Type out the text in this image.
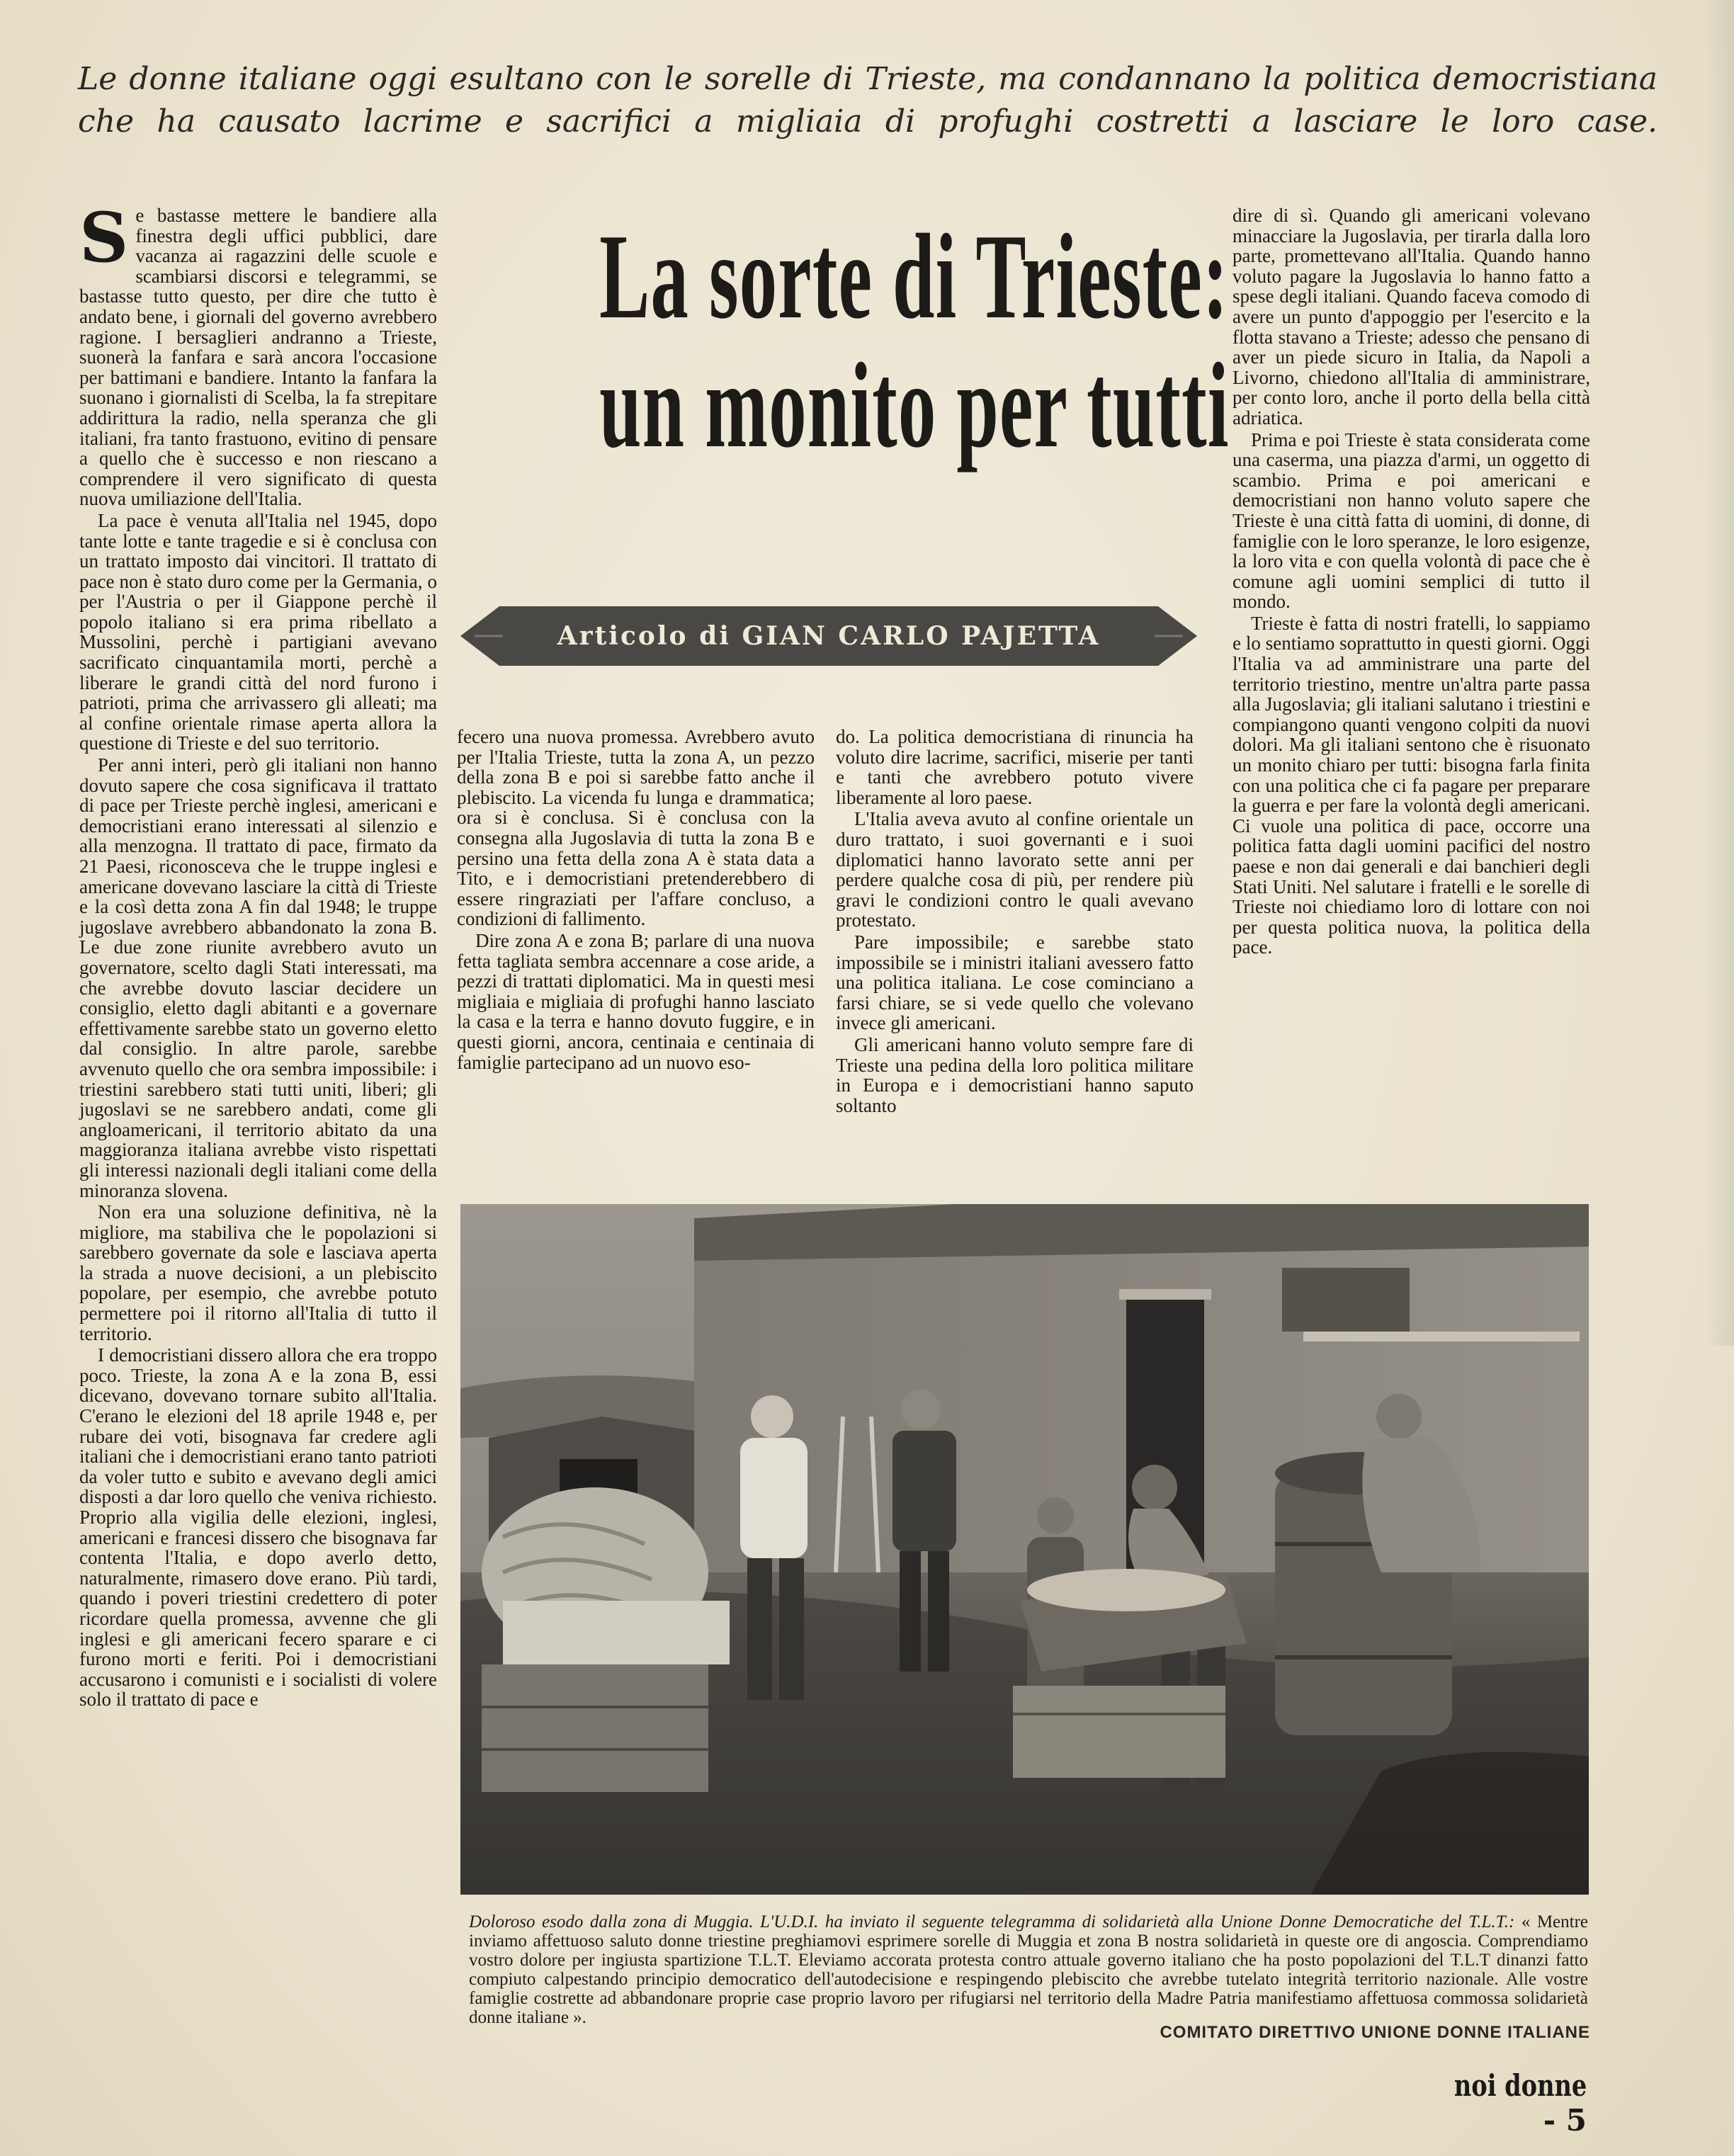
Le donne italiane oggi esultano con le sorelle di Trieste, ma condannano la politica democristiana che ha causato lacrime e sacrifici a migliaia di profughi costretti a lasciare le loro case.
S e bastasse mettere le bandiere alla finestra degli uffici pubblici, dare vacanza ai ragazzini delle scuole e scambiarsi discorsi e telegrammi, se bastasse tutto questo, per dire che tutto è andato bene, i giornali del governo avrebbero ragione. I bersaglieri andranno a Trieste, suonerà la fanfara e sarà ancora l'occasione per battimani e bandiere. Intanto la fanfara la suonano i giornalisti di Scelba, la fa strepitare addirittura la radio, nella speranza che gli italiani, fra tanto frastuono, evitino di pensare a quello che è successo e non riescano a comprendere il vero significato di questa nuova umiliazione dell'Italia.

La pace è venuta all'Italia nel 1945, dopo tante lotte e tante tragedie e si è conclusa con un trattato imposto dai vincitori. Il trattato di pace non è stato duro come per la Germania, o per l'Austria o per il Giappone perchè il popolo italiano si era prima ribellato a Mussolini, perchè i partigiani avevano sacrificato cinquantamila morti, perchè a liberare le grandi città del nord furono i patrioti, prima che arrivassero gli alleati; ma al confine orientale rimase aperta allora la questione di Trieste e del suo territorio.

Per anni interi, però gli italiani non hanno dovuto sapere che cosa significava il trattato di pace per Trieste perchè inglesi, americani e democristiani erano interessati al silenzio e alla menzogna. Il trattato di pace, firmato da 21 Paesi, riconosceva che le truppe inglesi e americane dovevano lasciare la città di Trieste e la così detta zona A fin dal 1948; le truppe jugoslave avrebbero abbandonato la zona B. Le due zone riunite avrebbero avuto un governatore, scelto dagli Stati interessati, ma che avrebbe dovuto lasciar decidere un consiglio, eletto dagli abitanti e a governare effettivamente sarebbe stato un governo eletto dal consiglio. In altre parole, sarebbe avvenuto quello che ora sembra impossibile: i triestini sarebbero stati tutti uniti, liberi; gli jugoslavi se ne sarebbero andati, come gli angloamericani, il territorio abitato da una maggioranza italiana avrebbe visto rispettati gli interessi nazionali degli italiani come della minoranza slovena.

Non era una soluzione definitiva, nè la migliore, ma stabiliva che le popolazioni si sarebbero governate da sole e lasciava aperta la strada a nuove decisioni, a un plebiscito popolare, per esempio, che avrebbe potuto permettere poi il ritorno all'Italia di tutto il territorio.

I democristiani dissero allora che era troppo poco. Trieste, la zona A e la zona B, essi dicevano, dovevano tornare subito all'Italia. C'erano le elezioni del 18 aprile 1948 e, per rubare dei voti, bisognava far credere agli italiani che i democristiani erano tanto patrioti da voler tutto e subito e avevano degli amici disposti a dar loro quello che veniva richiesto. Proprio alla vigilia delle elezioni, inglesi, americani e francesi dissero che bisognava far contenta l'Italia, e dopo averlo detto, naturalmente, rimasero dove erano. Più tardi, quando i poveri triestini credettero di poter ricordare quella promessa, avvenne che gli inglesi e gli americani fecero sparare e ci furono morti e feriti. Poi i democristiani accusarono i comunisti e i socialisti di volere solo il trattato di pace e

La sorte di Trieste:
un monito per tutti
Articolo di GIAN CARLO PAJETTA

fecero una nuova promessa. Avrebbero avuto per l'Italia Trieste, tutta la zona A, un pezzo della zona B e poi si sarebbe fatto anche il plebiscito. La vicenda fu lunga e drammatica; ora si è conclusa. Si è conclusa con la consegna alla Jugoslavia di tutta la zona B e persino una fetta della zona A è stata data a Tito, e i democristiani pretenderebbero di essere ringraziati per l'affare concluso, a condizioni di fallimento.

Dire zona A e zona B; parlare di una nuova fetta tagliata sembra accennare a cose aride, a pezzi di trattati diplomatici. Ma in questi mesi migliaia e migliaia di profughi hanno lasciato la casa e la terra e hanno dovuto fuggire, e in questi giorni, ancora, centinaia e centinaia di famiglie partecipano ad un nuovo eso-

do. La politica democristiana di rinuncia ha voluto dire lacrime, sacrifici, miserie per tanti e tanti che avrebbero potuto vivere liberamente al loro paese.

L'Italia aveva avuto al confine orientale un duro trattato, i suoi governanti e i suoi diplomatici hanno lavorato sette anni per perdere qualche cosa di più, per rendere più gravi le condizioni contro le quali avevano protestato.

Pare impossibile; e sarebbe stato impossibile se i ministri italiani avessero fatto una politica italiana. Le cose cominciano a farsi chiare, se si vede quello che volevano invece gli americani.

Gli americani hanno voluto sempre fare di Trieste una pedina della loro politica militare in Europa e i democristiani hanno saputo soltanto

dire di sì. Quando gli americani volevano minacciare la Jugoslavia, per tirarla dalla loro parte, promettevano all'Italia. Quando hanno voluto pagare la Jugoslavia lo hanno fatto a spese degli italiani. Quando faceva comodo di avere un punto d'appoggio per l'esercito e la flotta stavano a Trieste; adesso che pensano di aver un piede sicuro in Italia, da Napoli a Livorno, chiedono all'Italia di amministrare, per conto loro, anche il porto della bella città adriatica.

Prima e poi Trieste è stata considerata come una caserma, una piazza d'armi, un oggetto di scambio. Prima e poi americani e democristiani non hanno voluto sapere che Trieste è una città fatta di uomini, di donne, di famiglie con le loro speranze, le loro esigenze, la loro vita e con quella volontà di pace che è comune agli uomini semplici di tutto il mondo.

Trieste è fatta di nostri fratelli, lo sappiamo e lo sentiamo soprattutto in questi giorni. Oggi l'Italia va ad amministrare una parte del territorio triestino, mentre un'altra parte passa alla Jugoslavia; gli italiani salutano i triestini e compiangono quanti vengono colpiti da nuovi dolori. Ma gli italiani sentono che è risuonato un monito chiaro per tutti: bisogna farla finita con una politica che ci fa pagare per preparare la guerra e per fare la volontà degli americani. Ci vuole una politica di pace, occorre una politica fatta dagli uomini pacifici del nostro paese e non dai generali e dai banchieri degli Stati Uniti. Nel salutare i fratelli e le sorelle di Trieste noi chiediamo loro di lottare con noi per questa politica nuova, la politica della pace.

Doloroso esodo dalla zona di Muggia. L'U.D.I. ha inviato il seguente telegramma di solidarietà alla Unione Donne Democratiche del T.L.T.: « Mentre inviamo affettuoso saluto donne triestine preghiamovi esprimere sorelle di Muggia et zona B nostra solidarietà in queste ore di angoscia. Comprendiamo vostro dolore per ingiusta spartizione T.L.T. Eleviamo accorata protesta contro attuale governo italiano che ha posto popolazioni del T.L.T dinanzi fatto compiuto calpestando principio democratico dell'autodecisione e respingendo plebiscito che avrebbe tutelato integrità territorio nazionale. Alle vostre famiglie costrette ad abbandonare proprie case proprio lavoro per rifugiarsi nel territorio della Madre Patria manifestiamo affettuosa commossa solidarietà donne italiane ».
COMITATO DIRETTIVO UNIONE DONNE ITALIANE
noi donne - 5
